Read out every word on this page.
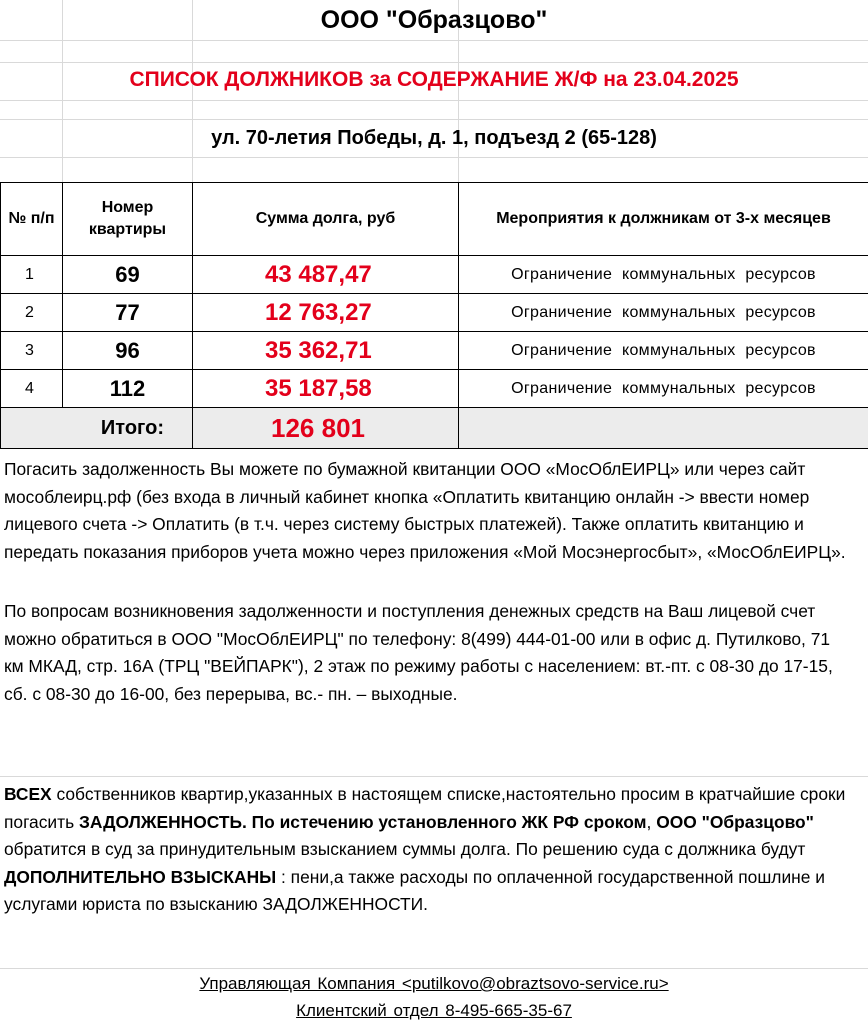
ООО "Образцово"
СПИСОК ДОЛЖНИКОВ за СОДЕРЖАНИЕ Ж/Ф на 23.04.2025
ул. 70-летия Победы, д. 1, подъезд 2 (65-128)
№ п/п	Номер квартиры	Сумма долга, руб	Мероприятия к должникам от 3-х месяцев
1	69	43 487,47	Ограничение коммунальных ресурсов
2	77	12 763,27	Ограничение коммунальных ресурсов
3	96	35 362,71	Ограничение коммунальных ресурсов
4	112	35 187,58	Ограничение коммунальных ресурсов
Итого:		126 801	

Погасить задолженность Вы можете по бумажной квитанции ООО «МосОблЕИРЦ» или через сайт мособлеирц.рф (без входа в личный кабинет кнопка «Оплатить квитанцию онлайн -> ввести номер лицевого счета -> Оплатить (в т.ч. через систему быстрых платежей). Также оплатить квитанцию и передать показания приборов учета можно через приложения «Мой Мосэнергосбыт», «МосОблЕИРЦ».

По вопросам возникновения задолженности и поступления денежных средств на Ваш лицевой счет можно обратиться в ООО "МосОблЕИРЦ" по телефону: 8(499) 444-01-00 или в офис д. Путилково, 71 км МКАД, стр. 16А (ТРЦ "ВЕЙПАРК"), 2 этаж по режиму работы с населением: вт.-пт. с 08-30 до 17-15, сб. с 08-30 до 16-00, без перерыва, вс.- пн. – выходные.

ВСЕХ собственников квартир,указанных в настоящем списке,настоятельно просим в кратчайшие сроки погасить ЗАДОЛЖЕННОСТЬ. По истечению установленного ЖК РФ сроком, ООО "Образцово" обратится в суд за принудительным взысканием суммы долга. По решению суда с должника будут ДОПОЛНИТЕЛЬНО ВЗЫСКАНЫ : пени,а также расходы по оплаченной государственной пошлине и услугами юриста по взысканию ЗАДОЛЖЕННОСТИ.

Управляющая Компания <putilkovo@obraztsovo-service.ru>
Клиентский отдел 8-495-665-35-67
